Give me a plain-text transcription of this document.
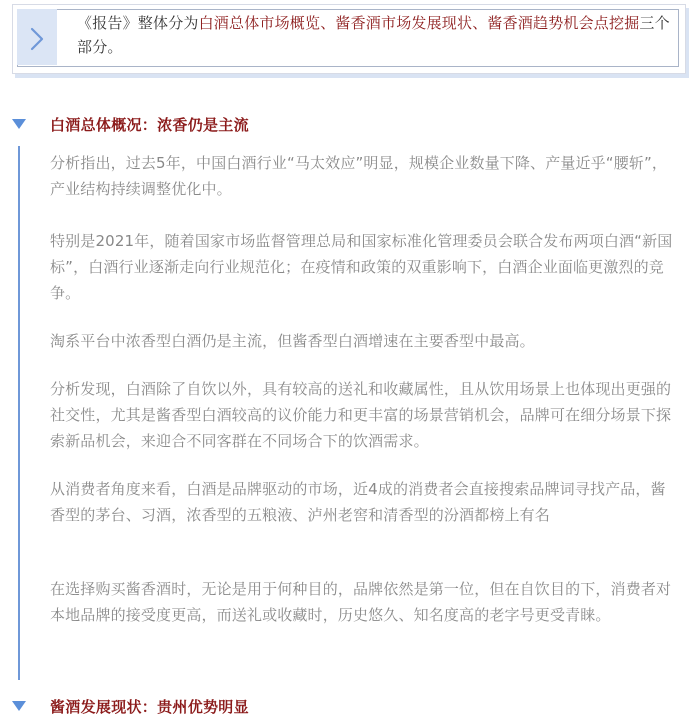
《报告》整体分为白酒总体市场概览、酱香酒市场发展现状、酱香酒趋势机会点挖掘三个部分。
白酒总体概况：浓香仍是主流

分析指出，过去5年，中国白酒行业“马太效应”明显，规模企业数量下降、产量近乎“腰斩”，产业结构持续调整优化中。

特别是2021年，随着国家市场监督管理总局和国家标准化管理委员会联合发布两项白酒“新国标”，白酒行业逐渐走向行业规范化；在疫情和政策的双重影响下，白酒企业面临更激烈的竞争。

淘系平台中浓香型白酒仍是主流，但酱香型白酒增速在主要香型中最高。

分析发现，白酒除了自饮以外，具有较高的送礼和收藏属性，且从饮用场景上也体现出更强的社交性，尤其是酱香型白酒较高的议价能力和更丰富的场景营销机会，品牌可在细分场景下探索新品机会，来迎合不同客群在不同场合下的饮酒需求。

从消费者角度来看，白酒是品牌驱动的市场，近4成的消费者会直接搜索品牌词寻找产品，酱香型的茅台、习酒，浓香型的五粮液、泸州老窖和清香型的汾酒都榜上有名

在选择购买酱香酒时，无论是用于何种目的，品牌依然是第一位，但在自饮目的下，消费者对本地品牌的接受度更高，而送礼或收藏时，历史悠久、知名度高的老字号更受青睐。

酱酒发展现状：贵州优势明显
